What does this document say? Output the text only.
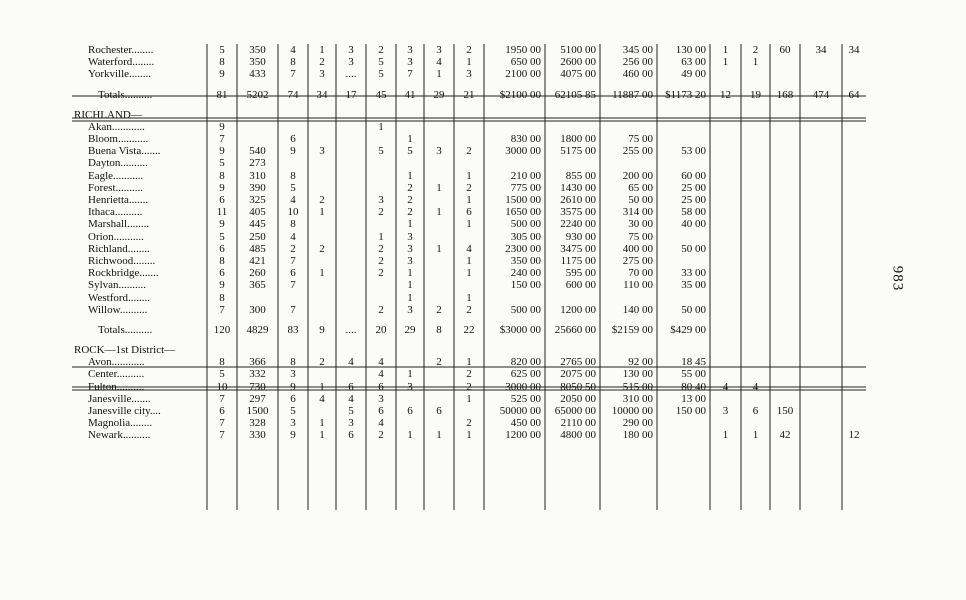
Rochester........	5	350	4	1	3	2	3	3	2	1950 00	5100 00	345 00	130 00	1	2	60	34	34
Waterford........	8	350	8	2	3	5	3	4	1	650 00	2600 00	256 00	63 00	1	1			
Yorkville........	9	433	7	3	....	5	7	1	3	2100 00	4075 00	460 00	49 00					

Totals..........	81	5202	74	34	17	45	41	29	21	$2100 00	62105 85	11887 00	$1173 20	12	19	168	474	64

RICHLAND—																		
Akan............	9					1												
Bloom...........	7		6				1			830 00	1800 00	75 00						
Buena Vista.......	9	540	9	3		5	5	3	2	3000 00	5175 00	255 00	53 00					
Dayton..........	5	273																
Eagle...........	8	310	8				1		1	210 00	855 00	200 00	60 00					
Forest..........	9	390	5				2	1	2	775 00	1430 00	65 00	25 00					
Henrietta.......	6	325	4	2		3	2		1	1500 00	2610 00	50 00	25 00					
Ithaca..........	11	405	10	1		2	2	1	6	1650 00	3575 00	314 00	58 00					
Marshall........	9	445	8				1		1	500 00	2240 00	30 00	40 00					
Orion...........	5	250	4			1	3			305 00	930 00	75 00						
Richland........	6	485	2	2		2	3	1	4	2300 00	3475 00	400 00	50 00					
Richwood........	8	421	7			2	3		1	350 00	1175 00	275 00						
Rockbridge.......	6	260	6	1		2	1		1	240 00	595 00	70 00	33 00					
Sylvan..........	9	365	7				1			150 00	600 00	110 00	35 00					
Westford........	8						1		1									
Willow..........	7	300	7			2	3	2	2	500 00	1200 00	140 00	50 00					

Totals..........	120	4829	83	9	....	20	29	8	22	$3000 00	25660 00	$2159 00	$429 00					

ROCK—1st District—																		
Avon............	8	366	8	2	4	4		2	1	820 00	2765 00	92 00	18 45					
Center..........	5	332	3			4	1		2	625 00	2075 00	130 00	55 00					
Fulton..........	10	730	9	1	6	6	3		2	3000 00	8050 50	515 00	80 40	4	4			
Janesville.......	7	297	6	4	4	3			1	525 00	2050 00	310 00	13 00					
Janesville city....	6	1500	5		5	6	6	6		50000 00	65000 00	10000 00	150 00	3	6	150		
Magnolia........	7	328	3	1	3	4			2	450 00	2110 00	290 00						
Newark..........	7	330	9	1	6	2	1	1	1	1200 00	4800 00	180 00		1	1	42		12
983
